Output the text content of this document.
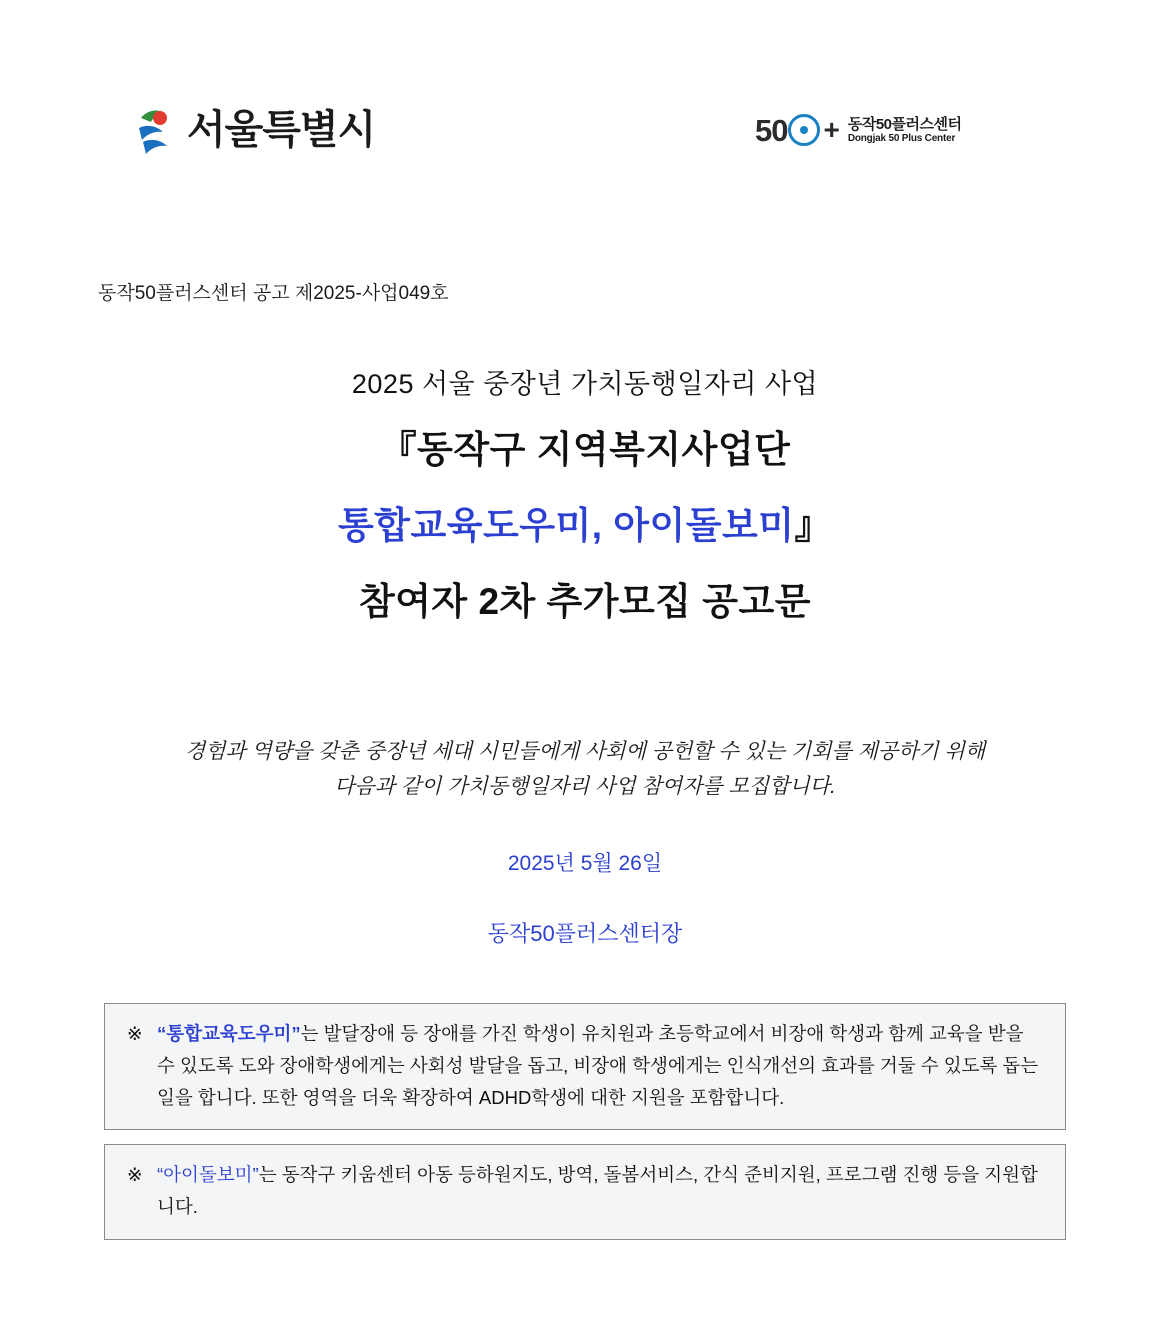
서울특별시	50 + 동작50플러스센터
Dongjak 50 Plus Center
동작50플러스센터 공고 제2025-사업049호
2025 서울 중장년 가치동행일자리 사업
『동작구 지역복지사업단
통합교육도우미, 아이돌보미』
참여자 2차 추가모집 공고문
경험과 역량을 갖춘 중장년 세대 시민들에게 사회에 공헌할 수 있는 기회를 제공하기 위해
다음과 같이 가치동행일자리 사업 참여자를 모집합니다.
2025년 5월 26일
동작50플러스센터장

※ “통합교육도우미”는 발달장애 등 장애를 가진 학생이 유치원과 초등학교에서 비장애 학생과 함께 교육을 받을 수 있도록 도와 장애학생에게는 사회성 발달을 돕고, 비장애 학생에게는 인식개선의 효과를 거둘 수 있도록 돕는 일을 합니다. 또한 영역을 더욱 확장하여 ADHD학생에 대한 지원을 포함합니다.

※ “아이돌보미”는 동작구 키움센터 아동 등하원지도, 방역, 돌봄서비스, 간식 준비지원, 프로그램 진행 등을 지원합니다.
